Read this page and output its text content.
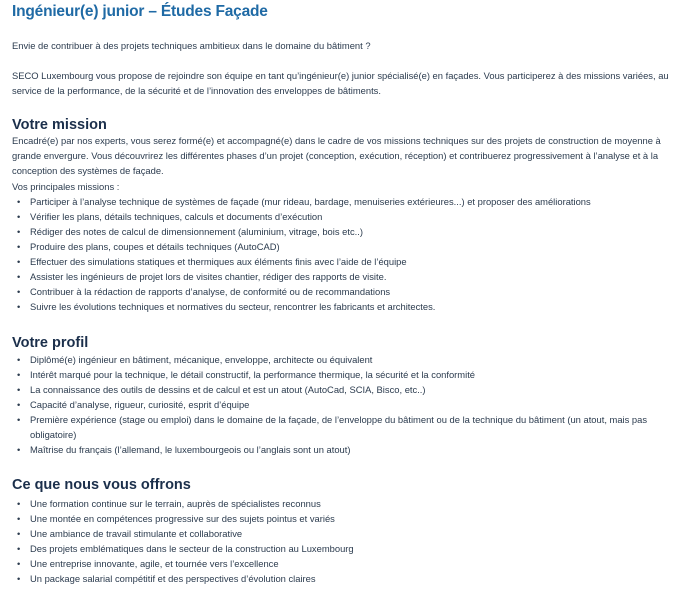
Ingénieur(e) junior – Études Façade

Envie de contribuer à des projets techniques ambitieux dans le domaine du bâtiment ?

SECO Luxembourg vous propose de rejoindre son équipe en tant qu’ingénieur(e) junior spécialisé(e) en façades. Vous participerez à des missions variées, au service de la performance, de la sécurité et de l’innovation des enveloppes de bâtiments.

Votre mission

Encadré(e) par nos experts, vous serez formé(e) et accompagné(e) dans le cadre de vos missions techniques sur des projets de construction de moyenne à grande envergure. Vous découvrirez les différentes phases d’un projet (conception, exécution, réception) et contribuerez progressivement à l’analyse et à la conception des systèmes de façade.

Vos principales missions :

• Participer à l’analyse technique de systèmes de façade (mur rideau, bardage, menuiseries extérieures...) et proposer des améliorations
• Vérifier les plans, détails techniques, calculs et documents d’exécution
• Rédiger des notes de calcul de dimensionnement (aluminium, vitrage, bois etc..)
• Produire des plans, coupes et détails techniques (AutoCAD)
• Effectuer des simulations statiques et thermiques aux éléments finis avec l’aide de l’équipe
• Assister les ingénieurs de projet lors de visites chantier, rédiger des rapports de visite.
• Contribuer à la rédaction de rapports d’analyse, de conformité ou de recommandations
• Suivre les évolutions techniques et normatives du secteur, rencontrer les fabricants et architectes.
Votre profil
• Diplômé(e) ingénieur en bâtiment, mécanique, enveloppe, architecte ou équivalent
• Intérêt marqué pour la technique, le détail constructif, la performance thermique, la sécurité et la conformité
• La connaissance des outils de dessins et de calcul et est un atout (AutoCad, SCIA, Bisco, etc..)
• Capacité d’analyse, rigueur, curiosité, esprit d’équipe
• Première expérience (stage ou emploi) dans le domaine de la façade, de l’enveloppe du bâtiment ou de la technique du bâtiment (un atout, mais pas obligatoire)
• Maîtrise du français (l’allemand, le luxembourgeois ou l’anglais sont un atout)
Ce que nous vous offrons
• Une formation continue sur le terrain, auprès de spécialistes reconnus
• Une montée en compétences progressive sur des sujets pointus et variés
• Une ambiance de travail stimulante et collaborative
• Des projets emblématiques dans le secteur de la construction au Luxembourg
• Une entreprise innovante, agile, et tournée vers l’excellence
• Un package salarial compétitif et des perspectives d’évolution claires
